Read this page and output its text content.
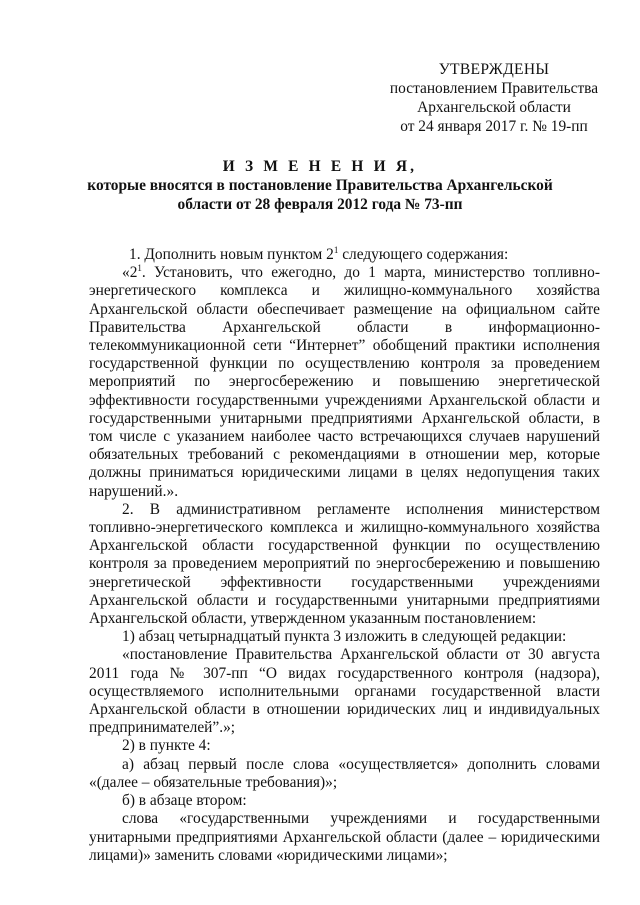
УТВЕРЖДЕНЫ
постановлением Правительства
Архангельской области
от 24 января 2017 г. № 19-пп
И З М Е Н Е Н И Я,
которые вносятся в постановление Правительства Архангельской
области от 28 февраля 2012 года № 73-пп

1. Дополнить новым пунктом $2^1$ следующего содержания:

«$2^1$. Установить, что ежегодно, до 1 марта, министерство топливно-энергетического комплекса и жилищно-коммунального хозяйства Архангельской области обеспечивает размещение на официальном сайте Правительства Архангельской области в информационно-телекоммуникационной сети “Интернет” обобщений практики исполнения государственной функции по осуществлению контроля за проведением мероприятий по энергосбережению и повышению энергетической эффективности государственными учреждениями Архангельской области и государственными унитарными предприятиями Архангельской области, в том числе с указанием наиболее часто встречающихся случаев нарушений обязательных требований с рекомендациями в отношении мер, которые должны приниматься юридическими лицами в целях недопущения таких нарушений.».

2. В административном регламенте исполнения министерством топливно-энергетического комплекса и жилищно-коммунального хозяйства Архангельской области государственной функции по осуществлению контроля за проведением мероприятий по энергосбережению и повышению энергетической эффективности государственными учреждениями Архангельской области и государственными унитарными предприятиями Архангельской области, утвержденном указанным постановлением:

1) абзац четырнадцатый пункта 3 изложить в следующей редакции:

«постановление Правительства Архангельской области от 30 августа 2011 года № 307-пп “О видах государственного контроля (надзора), осуществляемого исполнительными органами государственной власти Архангельской области в отношении юридических лиц и индивидуальных предпринимателей”.»;

2) в пункте 4:

а) абзац первый после слова «осуществляется» дополнить словами «(далее – обязательные требования)»;

б) в абзаце втором:

слова «государственными учреждениями и государственными унитарными предприятиями Архангельской области (далее – юридическими лицами)» заменить словами «юридическими лицами»;
